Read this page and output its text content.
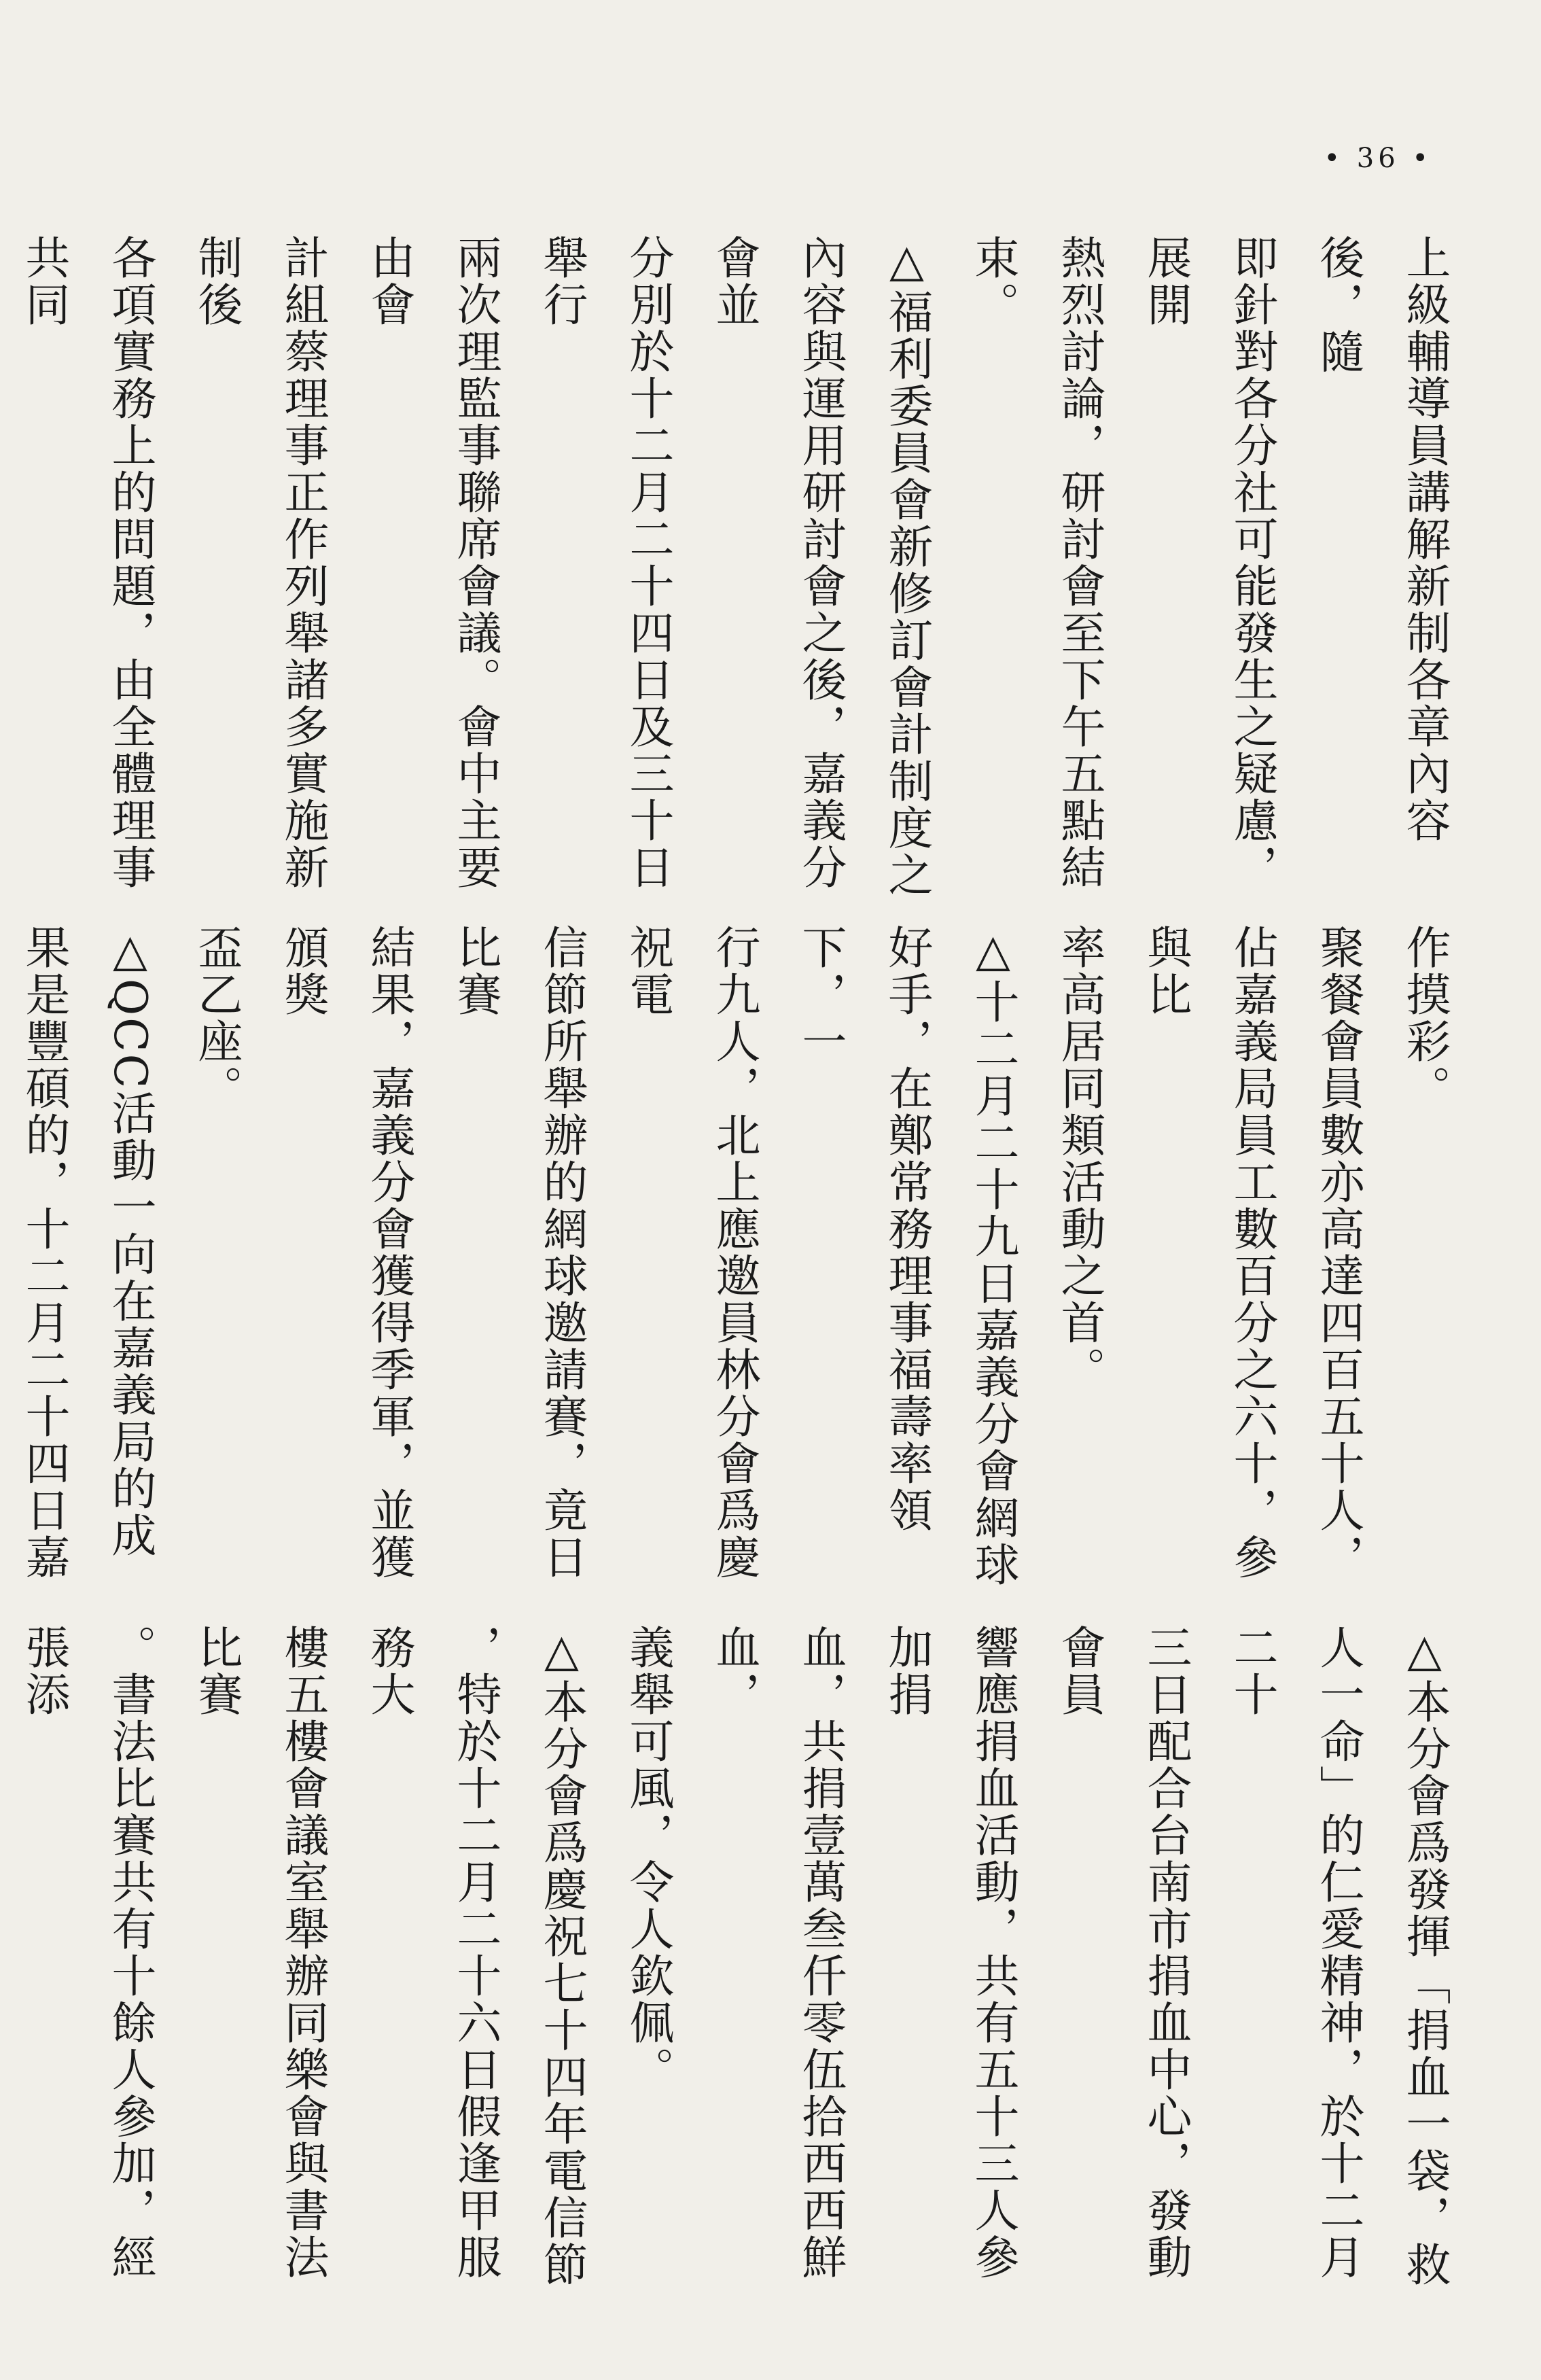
• 36 •
上級輔導員講解新制各章內容後，隨
即針對各分社可能發生之疑慮，展開
熱烈討論，研討會至下午五點結束。
△福利委員會新修訂會計制度之
內容與運用研討會之後，嘉義分會並
分別於十二月二十四日及三十日舉行
兩次理監事聯席會議。會中主要由會
計組蔡理事正作列舉諸多實施新制後
各項實務上的問題，由全體理事共同
作摸彩。
聚餐會員數亦高達四百五十人，
佔嘉義局員工數百分之六十，參與比
率高居同類活動之首。
△十二月二十九日嘉義分會網球
好手，在鄭常務理事福壽率領下，一
行九人，北上應邀員林分會爲慶祝電
信節所舉辦的網球邀請賽，竟日比賽
結果，嘉義分會獲得季軍，並獲頒獎
盃乙座。
△QCC活動一向在嘉義局的成
果是豐碩的，十二月二十四日嘉
△本分會爲發揮「捐血一袋，救
人一命」的仁愛精神，於十二月二十
三日配合台南市捐血中心，發動會員
響應捐血活動，共有五十三人參加捐
血，共捐壹萬叁仟零伍拾西西鮮血，
義舉可風，令人欽佩。
△本分會爲慶祝七十四年電信節
，特於十二月二十六日假逢甲服務大
樓五樓會議室舉辦同樂會與書法比賽
。書法比賽共有十餘人參加，經張添
